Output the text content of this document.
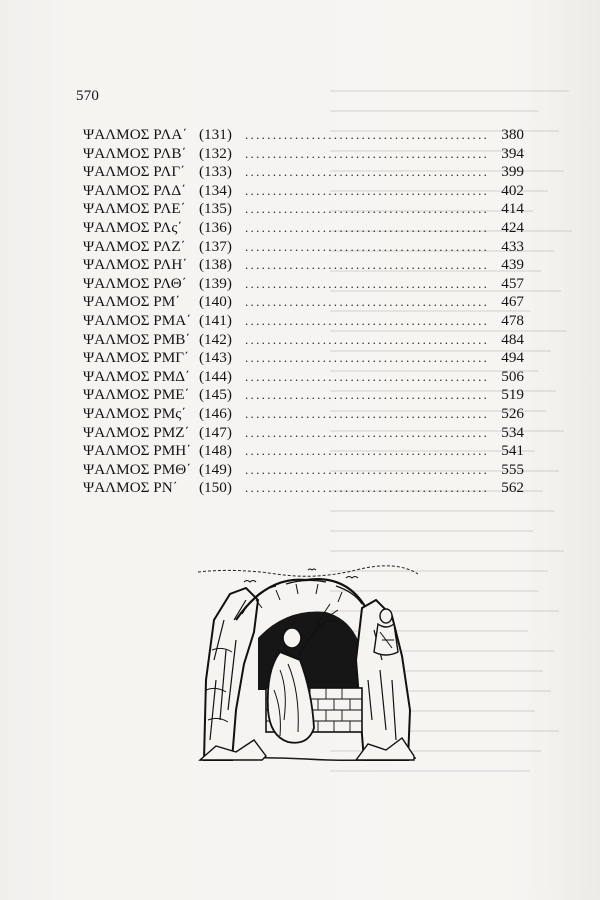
570
ΨΑΛΜΟΣ ΡΛΑ΄ (131) .....	380
ΨΑΛΜΟΣ ΡΛΒ΄ (132) .....	394
ΨΑΛΜΟΣ ΡΛΓ΄ (133) .....	399
ΨΑΛΜΟΣ ΡΛΔ΄ (134) .....	402
ΨΑΛΜΟΣ ΡΛΕ΄ (135) .....	414
ΨΑΛΜΟΣ ΡΛς΄	(136) .....	424
ΨΑΛΜΟΣ ΡΛΖ΄ (137) .....	433
ΨΑΛΜΟΣ ΡΛΗ΄ (138) .....	439
ΨΑΛΜΟΣ ΡΛΘ΄ (139) .....	457
ΨΑΛΜΟΣ ΡΜ΄	(140) .....	467
ΨΑΛΜΟΣ ΡΜΑ΄ (141) .....	478
ΨΑΛΜΟΣ ΡΜΒ΄ (142) .....	484
ΨΑΛΜΟΣ ΡΜΓ΄ (143) .....	494
ΨΑΛΜΟΣ ΡΜΔ΄ (144) .....	506
ΨΑΛΜΟΣ ΡΜΕ΄ (145) .....	519
ΨΑΛΜΟΣ ΡΜς΄ (146) .....	526
ΨΑΛΜΟΣ ΡΜΖ΄ (147) .....	534
ΨΑΛΜΟΣ ΡΜΗ΄ (148) .....	541
ΨΑΛΜΟΣ ΡΜΘ΄ (149) .....	555
ΨΑΛΜΟΣ ΡΝ΄	(150) .....	562
